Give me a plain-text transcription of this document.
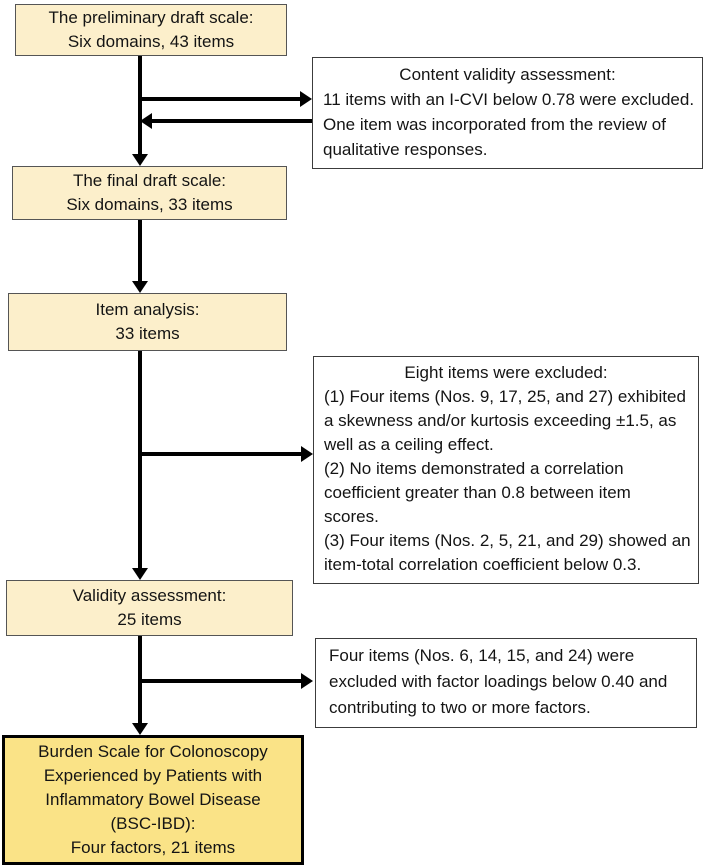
The preliminary draft scale:
Six domains, 43 items
Content validity assessment:
11 items with an I-CVI below 0.78 were excluded.
One item was incorporated from the review of
qualitative responses.
The final draft scale:
Six domains, 33 items
Item analysis:
33 items
Eight items were excluded:
(1) Four items (Nos. 9, 17, 25, and 27) exhibited
a skewness and/or kurtosis exceeding ±1.5, as
well as a ceiling effect.
(2) No items demonstrated a correlation
coefficient greater than 0.8 between item
scores.
(3) Four items (Nos. 2, 5, 21, and 29) showed an
item-total correlation coefficient below 0.3.
Validity assessment:
25 items
Four items (Nos. 6, 14, 15, and 24) were
excluded with factor loadings below 0.40 and
contributing to two or more factors.
Burden Scale for Colonoscopy
Experienced by Patients with
Inflammatory Bowel Disease
(BSC-IBD):
Four factors, 21 items
